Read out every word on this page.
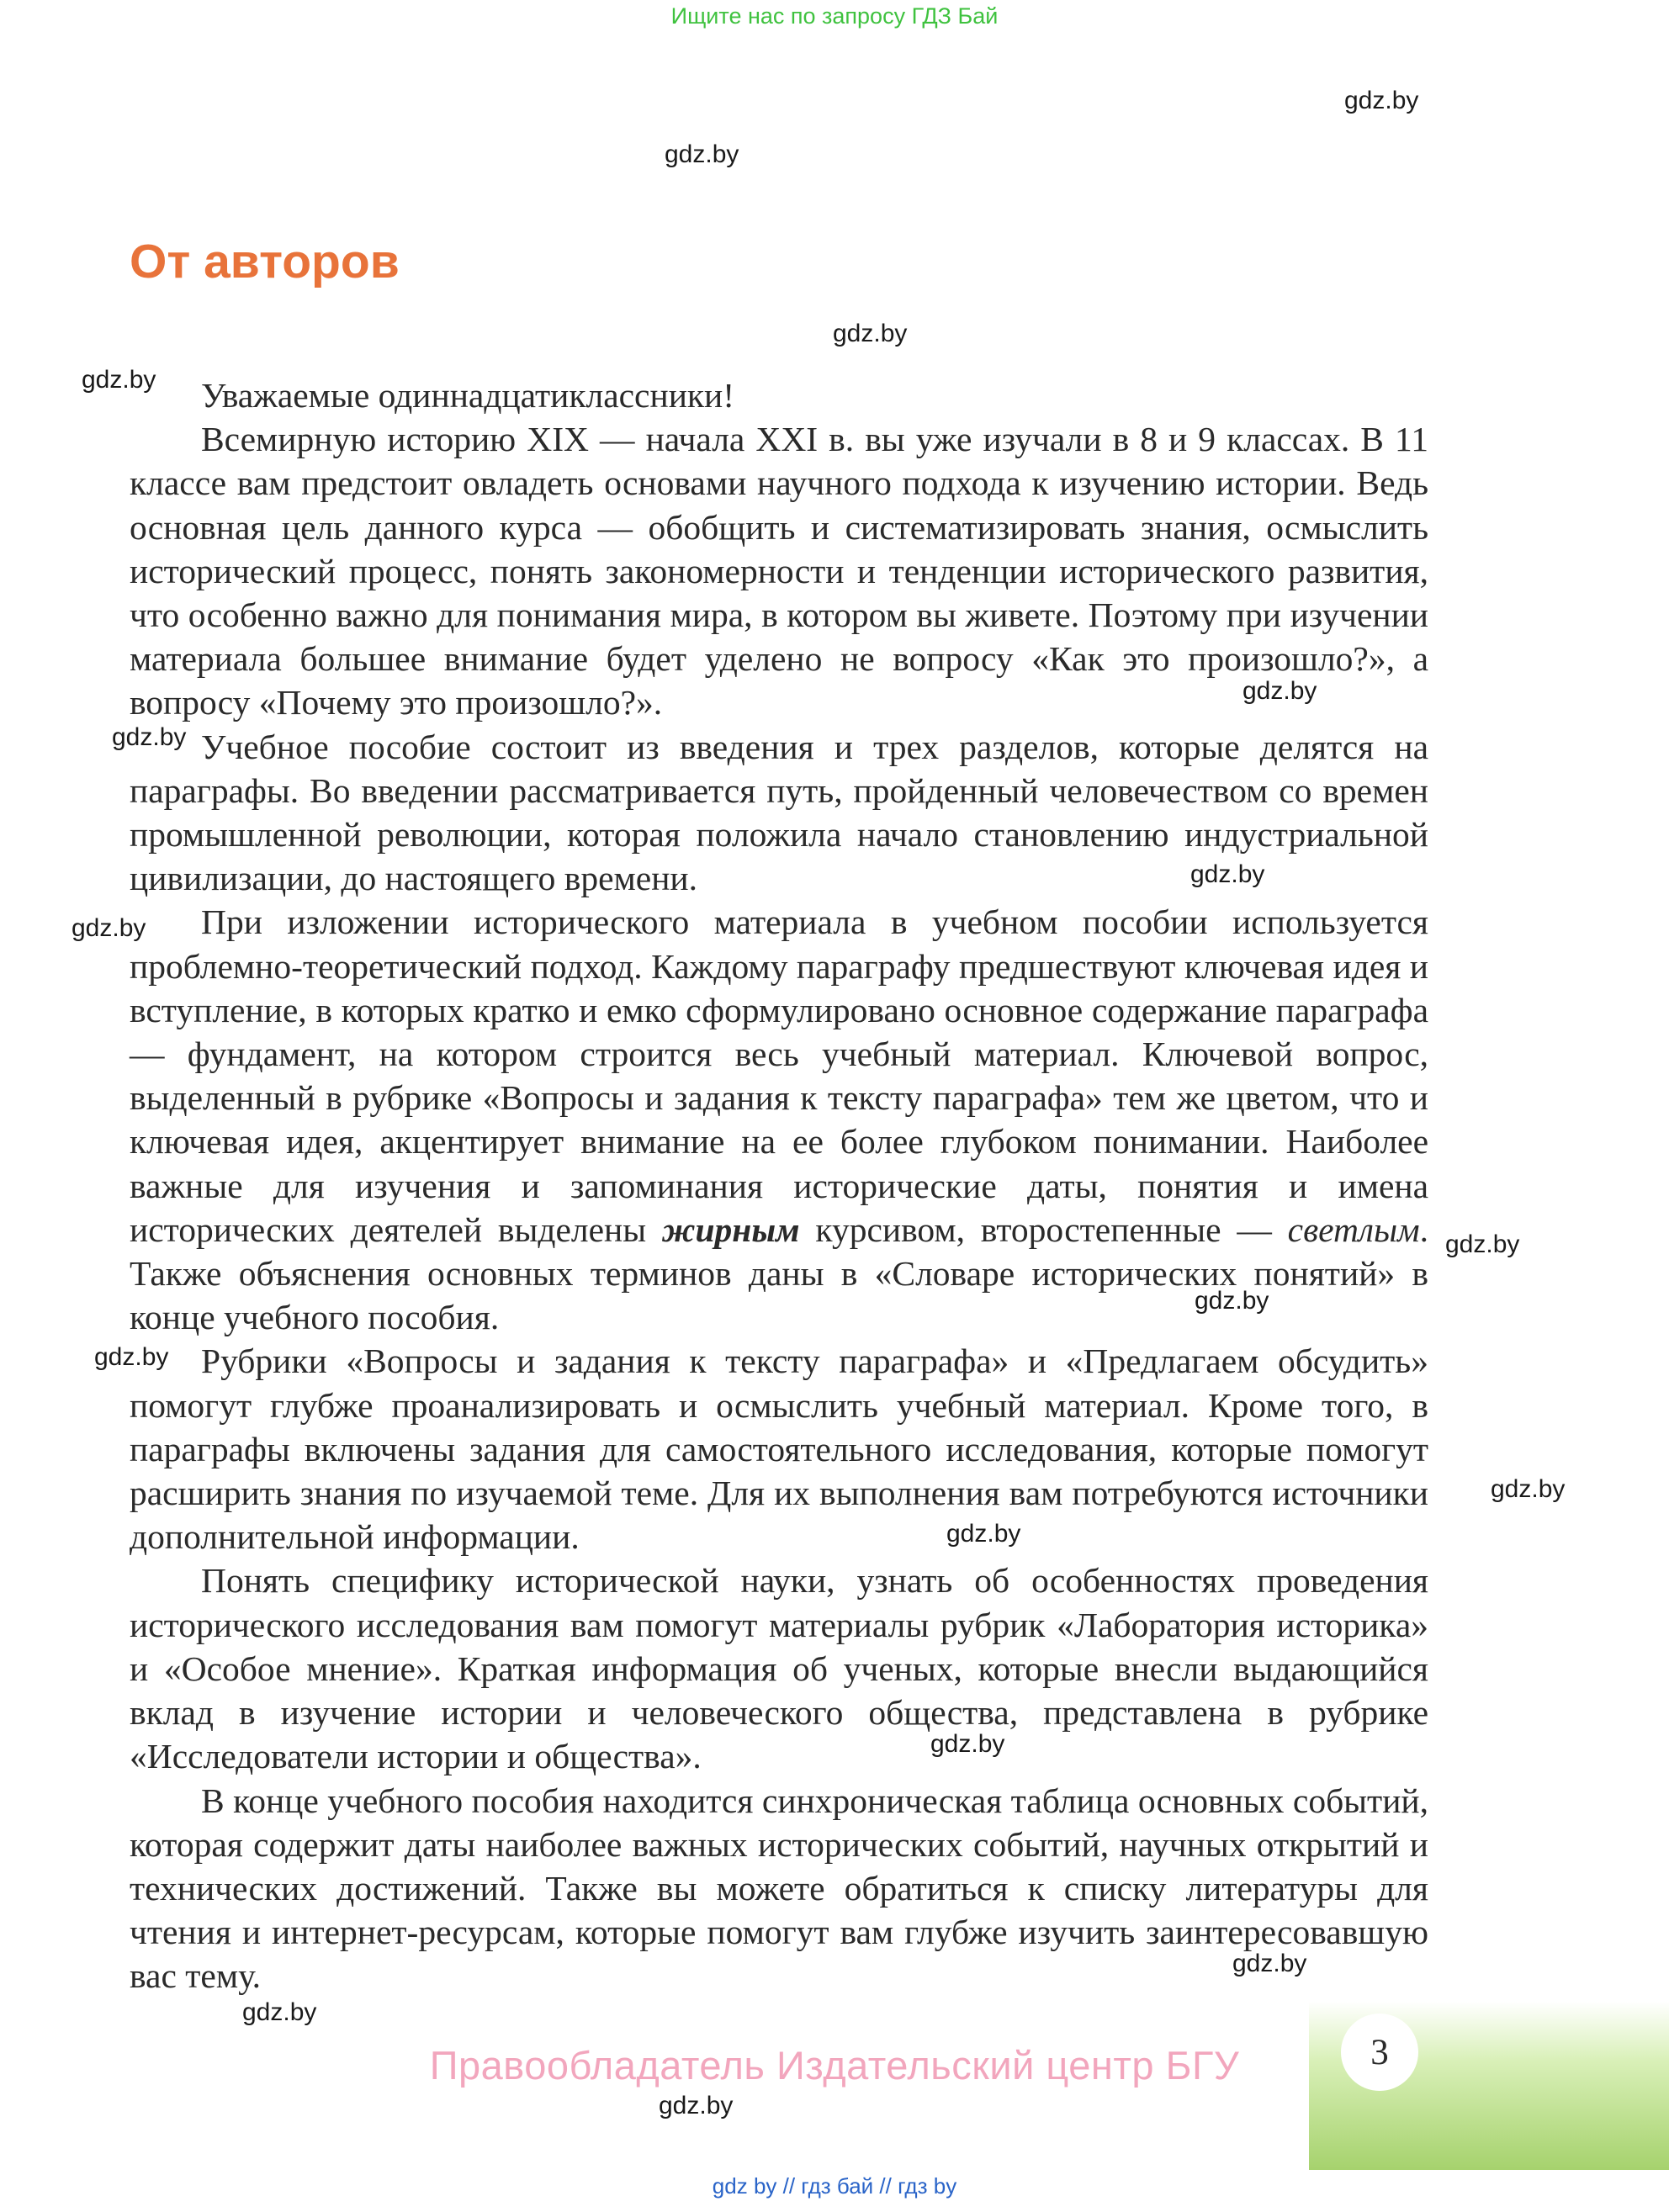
Ищите нас по запросу ГДЗ Бай
gdz.by
gdz.by
От авторов
gdz.by
gdz.by	Уважаемые одиннадцатиклассники!

Всемирную историю XIX — начала XXI в. вы уже изучали в 8 и 9 классах. В 11 классе вам предстоит овладеть основами научного подхода к изучению истории. Ведь основная цель данного курса — обобщить и систематизировать знания, осмыслить исторический процесс, понять закономерности и тенденции исторического развития, что особенно важно для понимания мира, в котором вы живете. Поэтому при изучении материала большее внимание будет уделено не вопросу «Как это произошло?», а вопросу «Почему это произошло?».

Учебное пособие состоит из введения и трех разделов, которые делятся на параграфы. Во введении рассматривается путь, пройденный человечеством со времен промышленной революции, которая положила начало становлению индустриальной цивилизации, до настоящего времени.

При изложении исторического материала в учебном пособии используется проблемно-теоретический подход. Каждому параграфу предшествуют ключевая идея и вступление, в которых кратко и емко сформулировано основное содержание параграфа — фундамент, на котором строится весь учебный материал. Ключевой вопрос, выделенный в рубрике «Вопросы и задания к тексту параграфа» тем же цветом, что и ключевая идея, акцентирует внимание на ее более глубоком понимании. Наиболее важные для изучения и запоминания исторические даты, понятия и имена исторических деятелей выделены жирным курсивом, второстепенные — светлым. Также объяснения основных терминов даны в «Словаре исторических понятий» в конце учебного пособия.

Рубрики «Вопросы и задания к тексту параграфа» и «Предлагаем обсудить» помогут глубже проанализировать и осмыслить учебный материал. Кроме того, в параграфы включены задания для самостоятельного исследования, которые помогут расширить знания по изучаемой теме. Для их выполнения вам потребуются источники дополнительной информации.

Понять специфику исторической науки, узнать об особенностях проведения исторического исследования вам помогут материалы рубрик «Лаборатория историка» и «Особое мнение». Краткая информация об ученых, которые внесли выдающийся вклад в изучение истории и человеческого общества, представлена в рубрике «Исследователи истории и общества».

В конце учебного пособия находится синхроническая таблица основных событий, которая содержит даты наиболее важных исторических событий, научных открытий и технических достижений. Также вы можете обратиться к списку литературы для чтения и интернет-ресурсам, которые помогут вам глубже изучить заинтересовавшую вас тему.

gdz.by
gdz.by
gdz.by
gdz.by
gdz.by
gdz.by
gdz.by
gdz.by
gdz.by
gdz.by
gdz.by
gdz.by
3
Правообладатель Издательский центр БГУ
gdz.by
gdz by // гдз бай // гдз by
